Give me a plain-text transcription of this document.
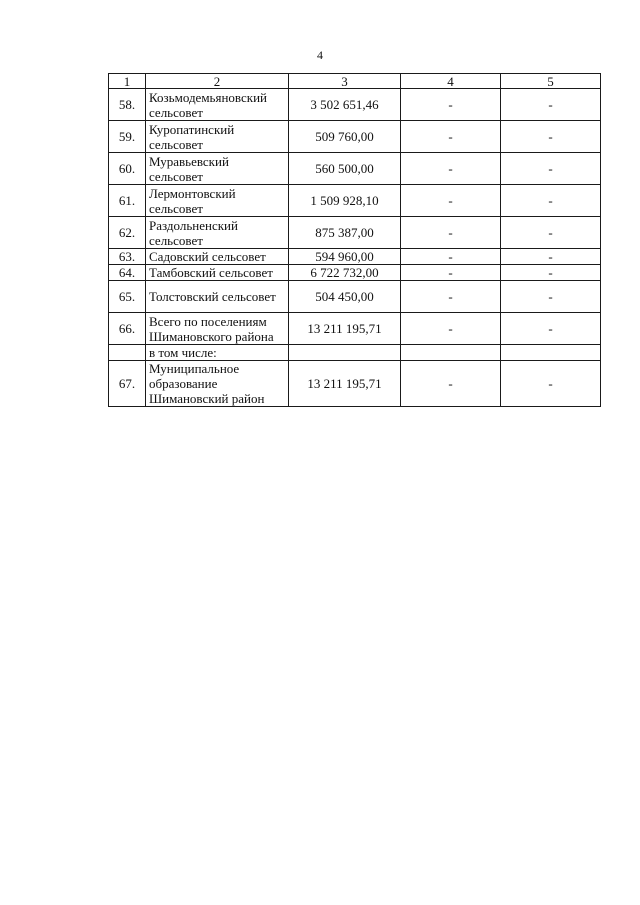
4
1	2	3	4	5
58.	Козьмодемьяновский сельсовет	3 502 651,46	-	-
59.	Куропатинский сельсовет	509 760,00	-	-
60.	Муравьевский сельсовет	560 500,00	-	-
61.	Лермонтовский сельсовет	1 509 928,10	-	-
62.	Раздольненский сельсовет	875 387,00	-	-
63.	Садовский сельсовет	594 960,00	-	-
64.	Тамбовский сельсовет	6 722 732,00	-	-
65.	Толстовский сельсовет	504 450,00	-	-
66.	Всего по поселениям Шимановского района	13 211 195,71	-	-
	в том числе:			
67.	Муниципальное образование Шимановский район	13 211 195,71	-	-
